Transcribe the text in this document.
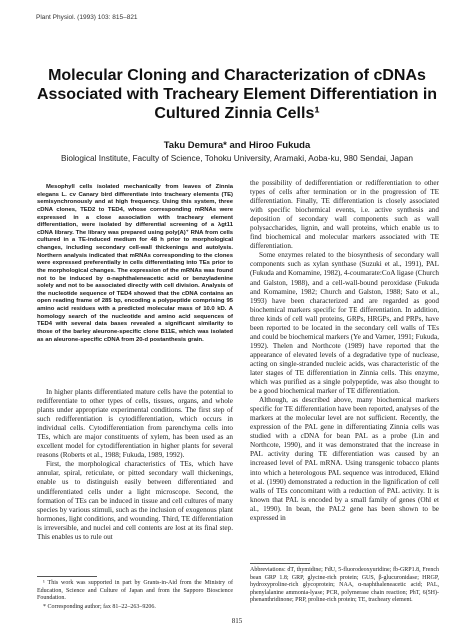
Plant Physiol. (1993) 103: 815–821
Molecular Cloning and Characterization of cDNAs
Associated with Tracheary Element Differentiation in
Cultured Zinnia Cells¹
Taku Demura* and Hiroo Fukuda
Biological Institute, Faculty of Science, Tohoku University, Aramaki, Aoba-ku, 980 Sendai, Japan

Mesophyll cells isolated mechanically from leaves of Zinnia elegans L. cv Canary bird differentiate into tracheary elements (TE) semisynchronously and at high frequency. Using this system, three cDNA clones, TED2 to TED4, whose corresponding mRNAs were expressed in a close association with tracheary element differentiation, were isolated by differential screening of a λgt11 cDNA library. The library was prepared using poly(A)⁺ RNA from cells cultured in a TE-induced medium for 48 h prior to morphological changes, including secondary cell-wall thickenings and autolysis. Northern analysis indicated that mRNAs corresponding to the clones were expressed preferentially in cells differentiating into TEs prior to the morphological changes. The expression of the mRNAs was found not to be induced by α-naphthaleneacetic acid or benzyladenine solely and not to be associated directly with cell division. Analysis of the nucleotide sequence of TED4 showed that the cDNA contains an open reading frame of 285 bp, encoding a polypeptide comprising 95 amino acid residues with a predicted molecular mass of 10.0 kD. A homology search of the nucleotide and amino acid sequences of TED4 with several data bases revealed a significant similarity to those of the barley aleurone-specific clone B11E, which was isolated as an aleurone-specific cDNA from 20-d postanthesis grain.

In higher plants differentiated mature cells have the potential to redifferentiate to other types of cells, tissues, organs, and whole plants under appropriate experimental conditions. The first step of such redifferentiation is cytodifferentiation, which occurs in individual cells. Cytodifferentiation from parenchyma cells into TEs, which are major constituents of xylem, has been used as an excellent model for cytodifferentiation in higher plants for several reasons (Roberts et al., 1988; Fukuda, 1989, 1992).

First, the morphological characteristics of TEs, which have annular, spiral, reticulate, or pitted secondary wall thickenings, enable us to distinguish easily between differentiated and undifferentiated cells under a light microscope. Second, the formation of TEs can be induced in tissue and cell cultures of many species by various stimuli, such as the inclusion of exogenous plant hormones, light conditions, and wounding. Third, TE differentiation is irreversible, and nuclei and cell contents are lost at its final step. This enables us to rule out

the possibility of dedifferentiation or redifferentiation to other types of cells after termination or in the progression of TE differentiation. Finally, TE differentiation is closely associated with specific biochemical events, i.e. active synthesis and deposition of secondary wall components such as wall polysaccharides, lignin, and wall proteins, which enable us to find biochemical and molecular markers associated with TE differentiation.

Some enzymes related to the biosynthesis of secondary wall components such as xylan synthase (Suzuki et al., 1991), PAL (Fukuda and Komamine, 1982), 4-coumarate:CoA ligase (Church and Galston, 1988), and a cell-wall-bound peroxidase (Fukuda and Komamine, 1982; Church and Galston, 1988; Sato et al., 1993) have been characterized and are regarded as good biochemical markers specific for TE differentiation. In addition, three kinds of cell wall proteins, GRPs, HRGPs, and PRPs, have been reported to be located in the secondary cell walls of TEs and could be biochemical markers (Ye and Varner, 1991; Fukuda, 1992). Thelen and Northcote (1989) have reported that the appearance of elevated levels of a degradative type of nuclease, acting on single-stranded nucleic acids, was characteristic of the later stages of TE differentiation in Zinnia cells. This enzyme, which was purified as a single polypeptide, was also thought to be a good biochemical marker of TE differentiation.

Although, as described above, many biochemical markers specific for TE differentiation have been reported, analyses of the markers at the molecular level are not sufficient. Recently, the expression of the PAL gene in differentiating Zinnia cells was studied with a cDNA for bean PAL as a probe (Lin and Northcote, 1990), and it was demonstrated that the increase in PAL activity during TE differentiation was caused by an increased level of PAL mRNA. Using transgenic tobacco plants into which a heterologous PAL sequence was introduced, Elkind et al. (1990) demonstrated a reduction in the lignification of cell walls of TEs concomitant with a reduction of PAL activity. It is known that PAL is encoded by a small family of genes (Ohl et al., 1990). In bean, the PAL2 gene has been shown to be expressed in

¹ This work was supported in part by Grants-in-Aid from the Ministry of Education, Science and Culture of Japan and from the Sapporo Bioscience Foundation.

* Corresponding author; fax 81–22–263–9206.

Abbreviations: dT, thymidine; FdU, 5-fluorodeoxyuridine; fb-GRP1.8, French bean GRP 1.8; GRP, glycine-rich protein; GUS, β-glucuronidase; HRGP, hydroxyproline-rich glycoprotein; NAA, α-naphthaleneacetic acid; PAL, phenylalanine ammonia-lyase; PCR, polymerase chain reaction; PhT, 6(5H)-phenanthridinone; PRP, proline-rich protein; TE, tracheary element.

815
